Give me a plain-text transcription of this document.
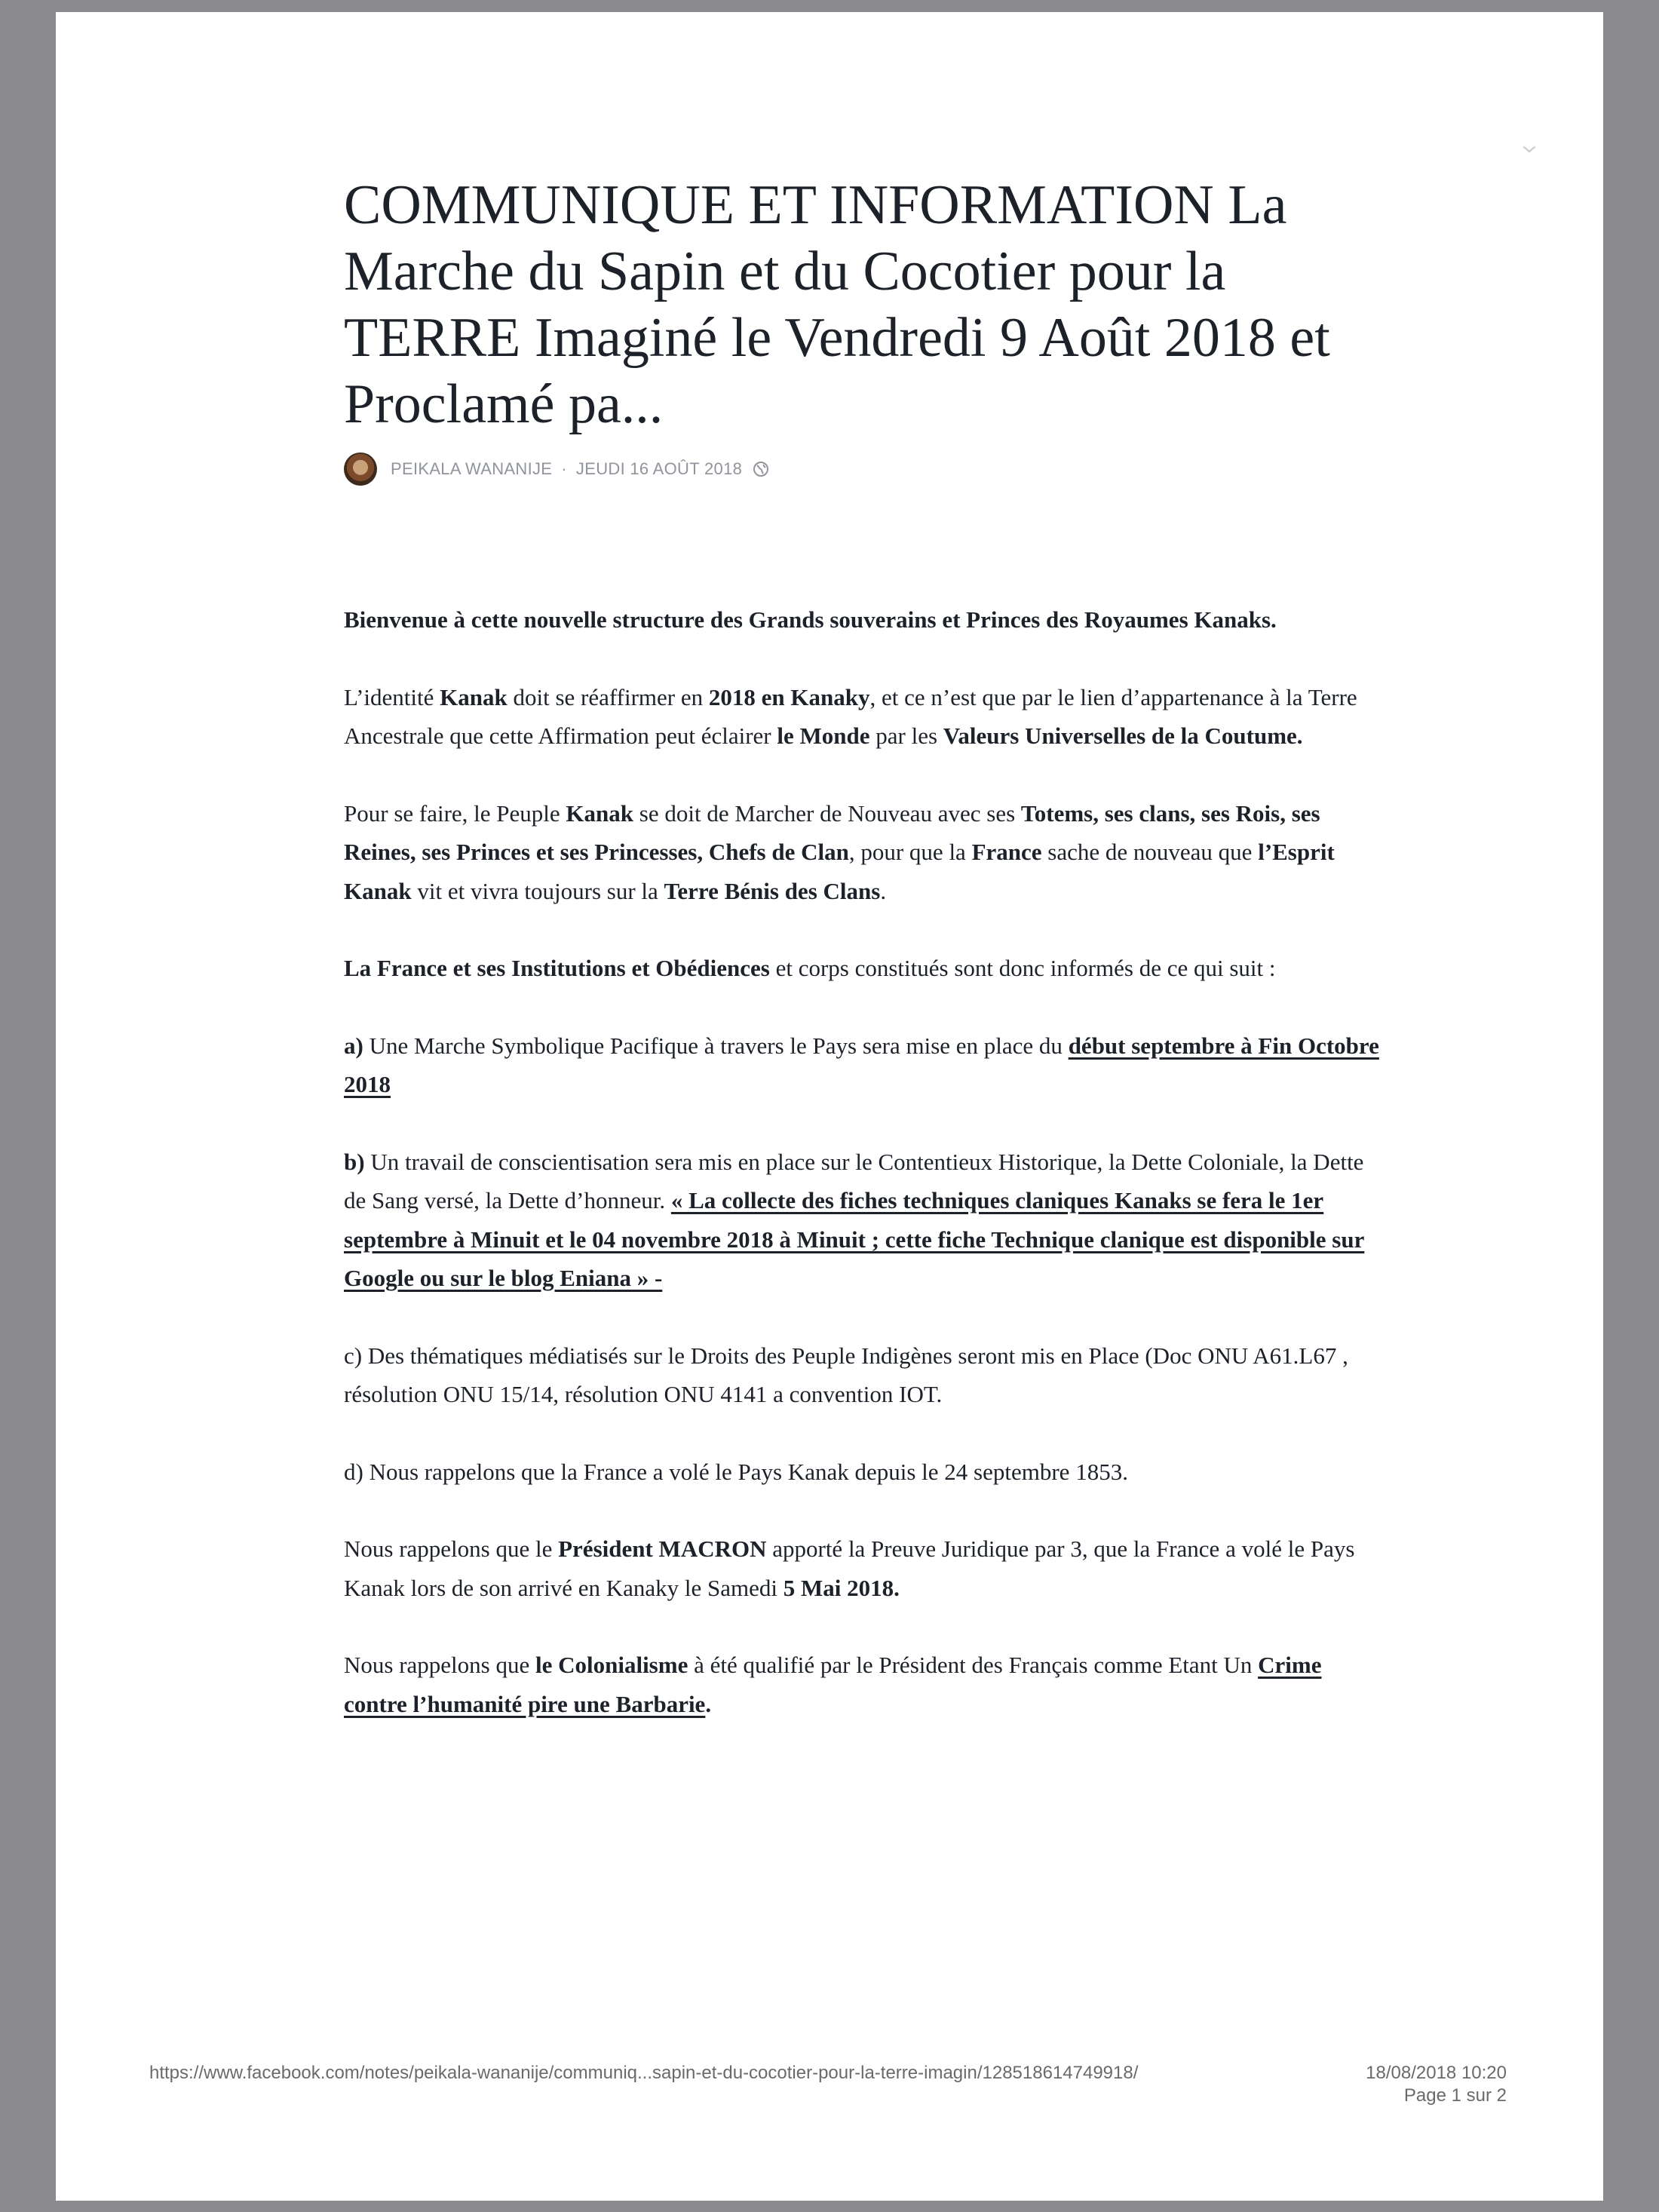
COMMUNIQUE ET INFORMATION La Marche du Sapin et du Cocotier pour la TERRE Imaginé le Vendredi 9 Août 2018 et Proclamé pa...
PEIKALA WANANIJE · JEUDI 16 AOÛT 2018

Bienvenue à cette nouvelle structure des Grands souverains et Princes des Royaumes Kanaks.

L’identité Kanak doit se réaffirmer en 2018 en Kanaky, et ce n’est que par le lien d’appartenance à la Terre Ancestrale que cette Affirmation peut éclairer le Monde par les Valeurs Universelles de la Coutume.

Pour se faire, le Peuple Kanak se doit de Marcher de Nouveau avec ses Totems, ses clans, ses Rois, ses Reines, ses Princes et ses Princesses, Chefs de Clan, pour que la France sache de nouveau que l’Esprit Kanak vit et vivra toujours sur la Terre Bénis des Clans.

La France et ses Institutions et Obédiences et corps constitués sont donc informés de ce qui suit :

a) Une Marche Symbolique Pacifique à travers le Pays sera mise en place du début septembre à Fin Octobre 2018

b) Un travail de conscientisation sera mis en place sur le Contentieux Historique, la Dette Coloniale, la Dette de Sang versé, la Dette d’honneur. « La collecte des fiches techniques claniques Kanaks se fera le 1er septembre à Minuit et le 04 novembre 2018 à Minuit ; cette fiche Technique clanique est disponible sur Google ou sur le blog Eniana » -

c) Des thématiques médiatisés sur le Droits des Peuple Indigènes seront mis en Place (Doc ONU A61.L67 , résolution ONU 15/14, résolution ONU 4141 a convention IOT.

d) Nous rappelons que la France a volé le Pays Kanak depuis le 24 septembre 1853.

Nous rappelons que le Président MACRON apporté la Preuve Juridique par 3, que la France a volé le Pays Kanak lors de son arrivé en Kanaky le Samedi 5 Mai 2018.

Nous rappelons que le Colonialisme à été qualifié par le Président des Français comme Etant Un Crime contre l’humanité pire une Barbarie.

https://www.facebook.com/notes/peikala-wananije/communiq...sapin-et-du-cocotier-pour-la-terre-imagin/128518614749918/	18/08/2018 10:20
Page 1 sur 2
